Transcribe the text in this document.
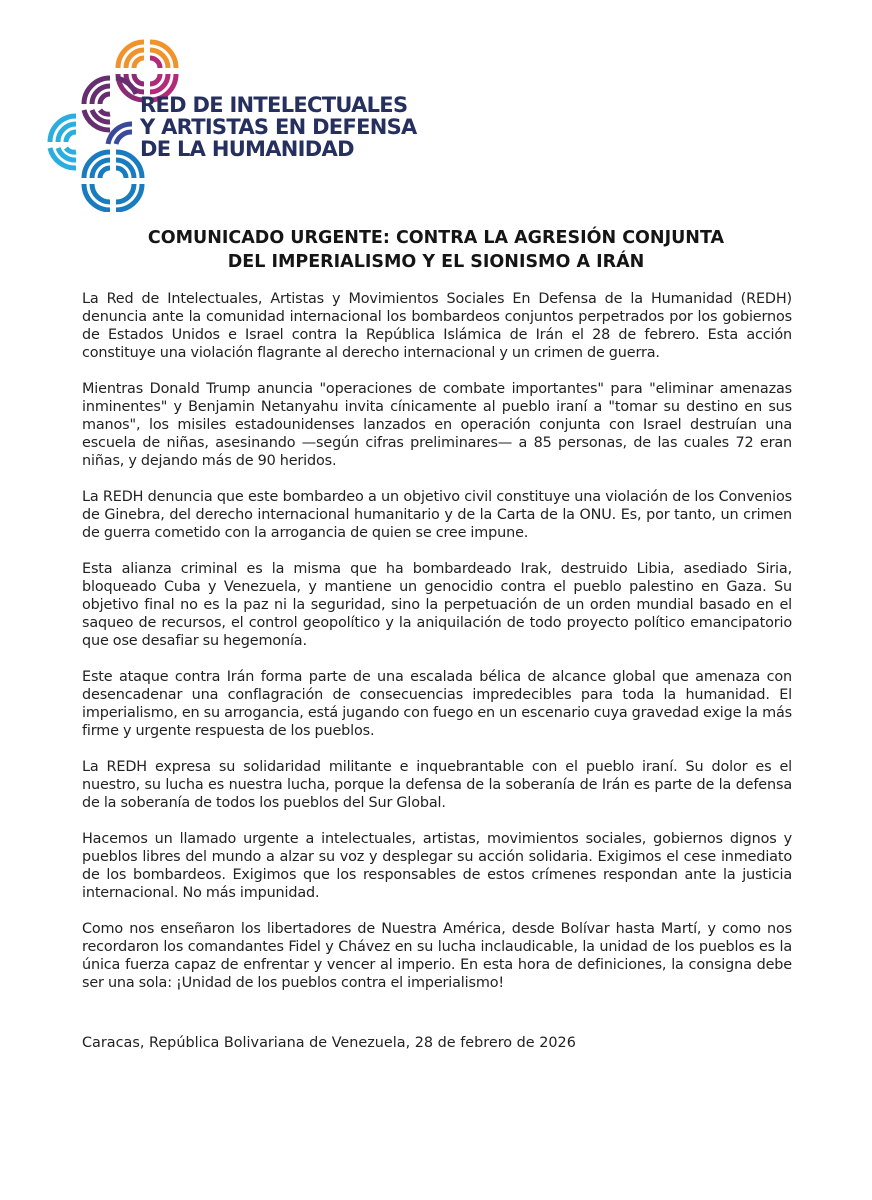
RED DE INTELECTUALES
Y ARTISTAS EN DEFENSA
DE LA HUMANIDAD
COMUNICADO URGENTE: CONTRA LA AGRESIÓN CONJUNTA
DEL IMPERIALISMO Y EL SIONISMO A IRÁN

La Red de Intelectuales, Artistas y Movimientos Sociales En Defensa de la Humanidad (REDH) denuncia ante la comunidad internacional los bombardeos conjuntos perpetrados por los gobiernos de Estados Unidos e Israel contra la República Islámica de Irán el 28 de febrero. Esta acción constituye una violación flagrante al derecho internacional y un crimen de guerra.

Mientras Donald Trump anuncia "operaciones de combate importantes" para "eliminar amenazas inminentes" y Benjamin Netanyahu invita cínicamente al pueblo iraní a "tomar su destino en sus manos", los misiles estadounidenses lanzados en operación conjunta con Israel destruían una escuela de niñas, asesinando —según cifras preliminares— a 85 personas, de las cuales 72 eran niñas, y dejando más de 90 heridos.

La REDH denuncia que este bombardeo a un objetivo civil constituye una violación de los Convenios de Ginebra, del derecho internacional humanitario y de la Carta de la ONU. Es, por tanto, un crimen de guerra cometido con la arrogancia de quien se cree impune.

Esta alianza criminal es la misma que ha bombardeado Irak, destruido Libia, asediado Siria, bloqueado Cuba y Venezuela, y mantiene un genocidio contra el pueblo palestino en Gaza. Su objetivo final no es la paz ni la seguridad, sino la perpetuación de un orden mundial basado en el saqueo de recursos, el control geopolítico y la aniquilación de todo proyecto político emancipatorio que ose desafiar su hegemonía.

Este ataque contra Irán forma parte de una escalada bélica de alcance global que amenaza con desencadenar una conflagración de consecuencias impredecibles para toda la humanidad. El imperialismo, en su arrogancia, está jugando con fuego en un escenario cuya gravedad exige la más firme y urgente respuesta de los pueblos.

La REDH expresa su solidaridad militante e inquebrantable con el pueblo iraní. Su dolor es el nuestro, su lucha es nuestra lucha, porque la defensa de la soberanía de Irán es parte de la defensa de la soberanía de todos los pueblos del Sur Global.

Hacemos un llamado urgente a intelectuales, artistas, movimientos sociales, gobiernos dignos y pueblos libres del mundo a alzar su voz y desplegar su acción solidaria. Exigimos el cese inmediato de los bombardeos. Exigimos que los responsables de estos crímenes respondan ante la justicia internacional. No más impunidad.

Como nos enseñaron los libertadores de Nuestra América, desde Bolívar hasta Martí, y como nos recordaron los comandantes Fidel y Chávez en su lucha inclaudicable, la unidad de los pueblos es la única fuerza capaz de enfrentar y vencer al imperio. En esta hora de definiciones, la consigna debe ser una sola: ¡Unidad de los pueblos contra el imperialismo!

Caracas, República Bolivariana de Venezuela, 28 de febrero de 2026
